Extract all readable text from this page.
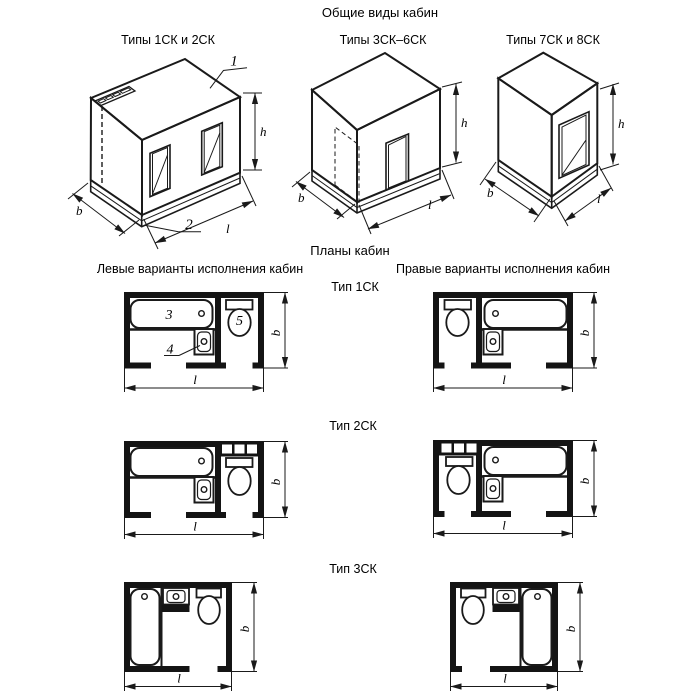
Общие виды кабин
Типы 1СК и 2СК	Типы 3СК–6СК	Типы 7СК и 8СК
Планы кабин
Левые варианты исполнения кабин	Правые варианты исполнения кабин
Тип 1СК
Тип 2СК
Тип 3СК
1
2
h
b
l
h
b	l
h
b	l
3
4
5
b
l
b
l
b
l
b
l
b
l
b
l
